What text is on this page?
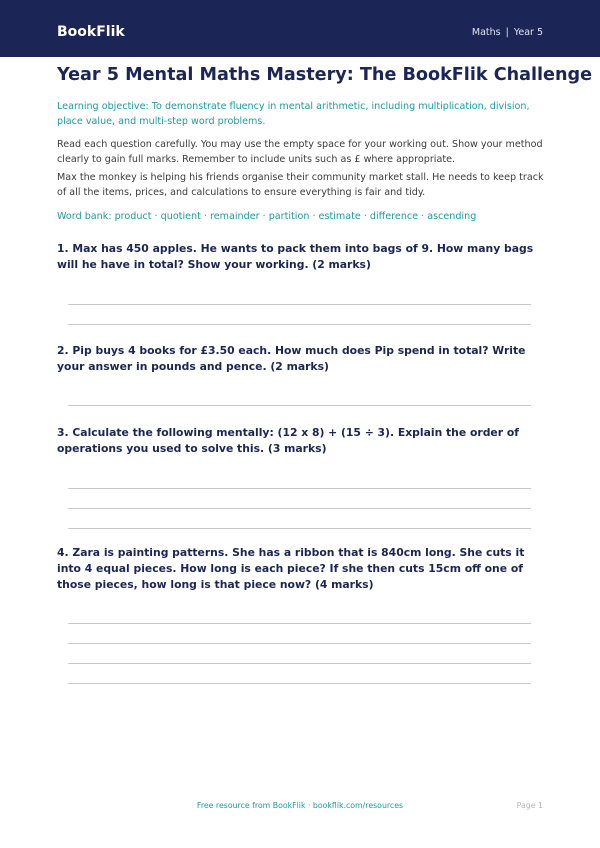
BookFlik	Maths | Year 5
Year 5 Mental Maths Mastery: The BookFlik Challenge

Learning objective: To demonstrate fluency in mental arithmetic, including multiplication, division, place value, and multi-step word problems.

Read each question carefully. You may use the empty space for your working out. Show your method clearly to gain full marks. Remember to include units such as £ where appropriate.

Max the monkey is helping his friends organise their community market stall. He needs to keep track of all the items, prices, and calculations to ensure everything is fair and tidy.

Word bank: product · quotient · remainder · partition · estimate · difference · ascending

1. Max has 450 apples. He wants to pack them into bags of 9. How many bags will he have in total? Show your working. (2 marks)

2. Pip buys 4 books for £3.50 each. How much does Pip spend in total? Write your answer in pounds and pence. (2 marks)

3. Calculate the following mentally: (12 x 8) + (15 ÷ 3). Explain the order of operations you used to solve this. (3 marks)

4. Zara is painting patterns. She has a ribbon that is 840cm long. She cuts it into 4 equal pieces. How long is each piece? If she then cuts 15cm off one of those pieces, how long is that piece now? (4 marks)

Free resource from BookFlik · bookflik.com/resources	Page 1
